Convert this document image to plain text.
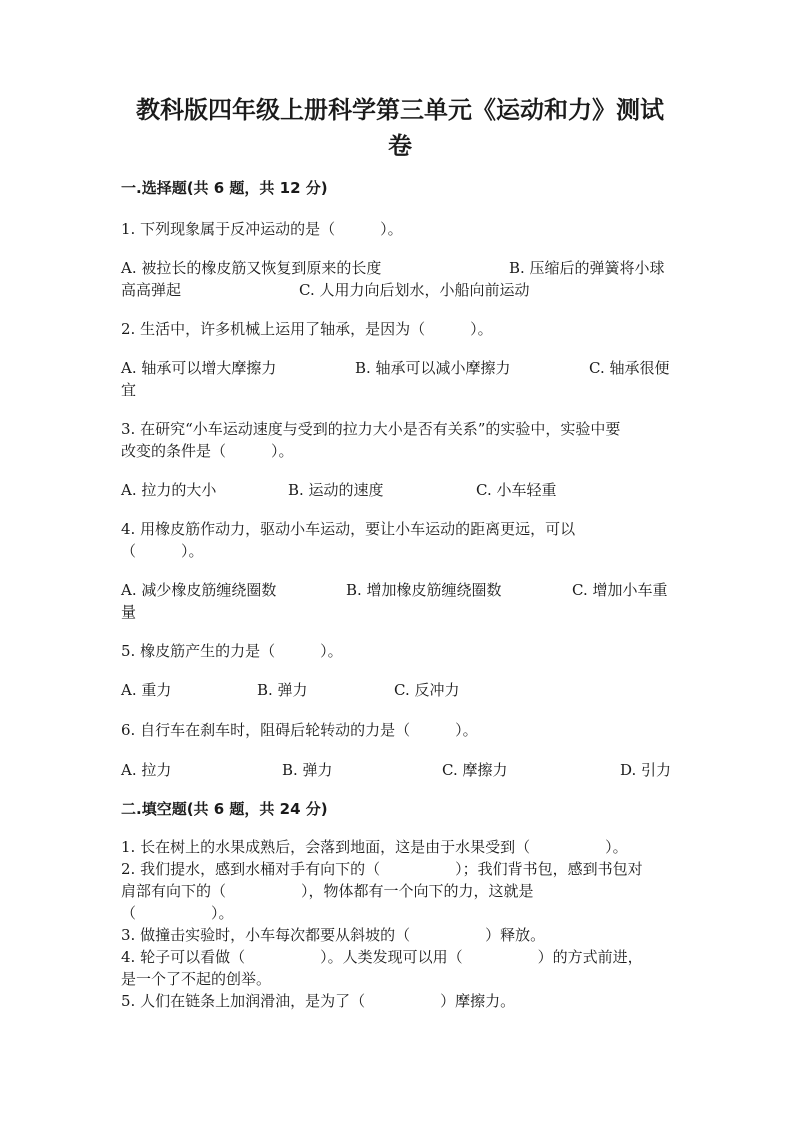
教科版四年级上册科学第三单元《运动和力》测试
卷
一.选择题(共 6 题，共 12 分)
1. 下列现象属于反冲运动的是（　　　）。
A. 被拉长的橡皮筋又恢复到原来的长度	B. 压缩后的弹簧将小球
高高弹起	C. 人用力向后划水，小船向前运动
2. 生活中，许多机械上运用了轴承，是因为（　　　）。
A. 轴承可以增大摩擦力	B. 轴承可以减小摩擦力	C. 轴承很便
宜
3. 在研究“小车运动速度与受到的拉力大小是否有关系”的实验中，实验中要
改变的条件是（　　　）。
A. 拉力的大小	B. 运动的速度	C. 小车轻重
4. 用橡皮筋作动力，驱动小车运动，要让小车运动的距离更远，可以
（　　　）。
A. 减少橡皮筋缠绕圈数	B. 增加橡皮筋缠绕圈数	C. 增加小车重
量
5. 橡皮筋产生的力是（　　　）。
A. 重力	B. 弹力	C. 反冲力
6. 自行车在刹车时，阻碍后轮转动的力是（　　　）。
A. 拉力	B. 弹力	C. 摩擦力	D. 引力
二.填空题(共 6 题，共 24 分)
1. 长在树上的水果成熟后，会落到地面，这是由于水果受到（　　　　　）。
2. 我们提水，感到水桶对手有向下的（　　　　　）；我们背书包，感到书包对
肩部有向下的（　　　　　），物体都有一个向下的力，这就是
（　　　　　）。
3. 做撞击实验时，小车每次都要从斜坡的（　　　　　）释放。
4. 轮子可以看做（　　　　　）。人类发现可以用（　　　　　）的方式前进，
是一个了不起的创举。
5. 人们在链条上加润滑油，是为了（　　　　　）摩擦力。
